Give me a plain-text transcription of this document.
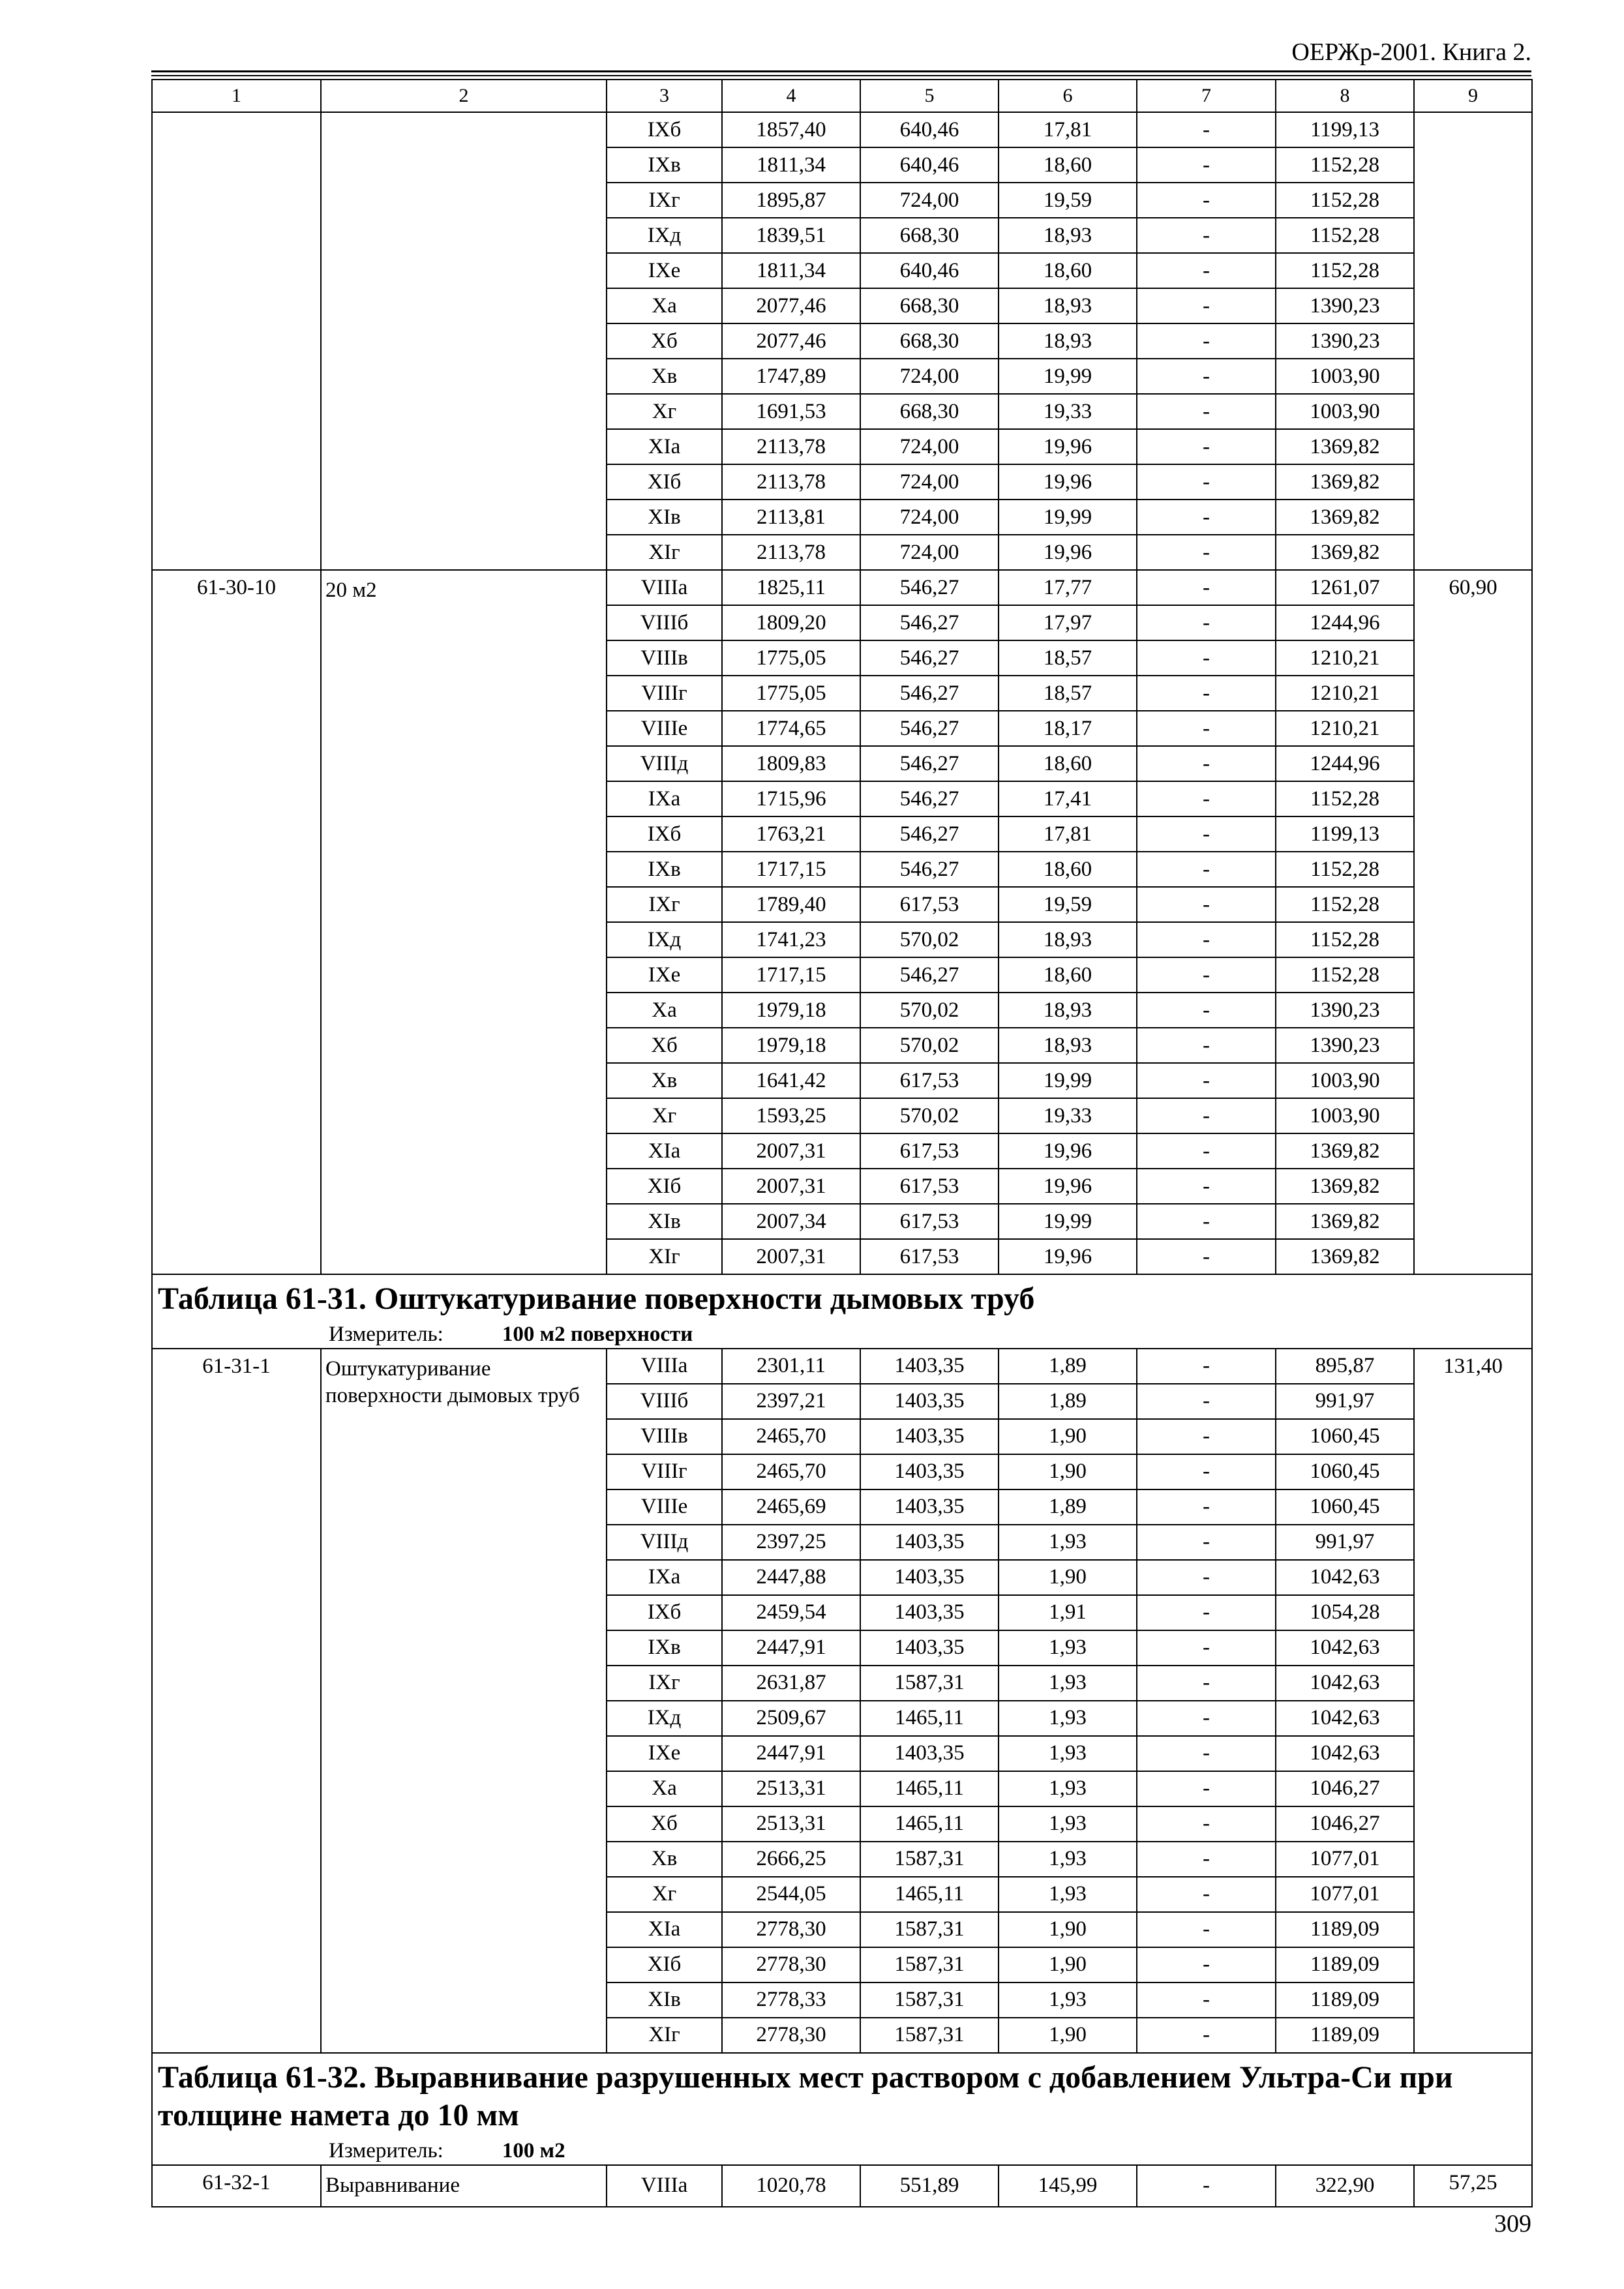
ОЕРЖр-2001. Книга 2.
1	2	3	4	5	6	7	8	9
		IXб	1857,40	640,46	17,81	-	1199,13	
		IXв	1811,34	640,46	18,60	-	1152,28	
		IXг	1895,87	724,00	19,59	-	1152,28	
		IXд	1839,51	668,30	18,93	-	1152,28	
		IXе	1811,34	640,46	18,60	-	1152,28	
		Xа	2077,46	668,30	18,93	-	1390,23	
		Xб	2077,46	668,30	18,93	-	1390,23	
		Xв	1747,89	724,00	19,99	-	1003,90	
		Xг	1691,53	668,30	19,33	-	1003,90	
		XIа	2113,78	724,00	19,96	-	1369,82	
		XIб	2113,78	724,00	19,96	-	1369,82	
		XIв	2113,81	724,00	19,99	-	1369,82	
		XIг	2113,78	724,00	19,96	-	1369,82	
61-30-10	20 м2	VIIIа	1825,11	546,27	17,77	-	1261,07	60,90
		VIIIб	1809,20	546,27	17,97	-	1244,96	
		VIIIв	1775,05	546,27	18,57	-	1210,21	
		VIIIг	1775,05	546,27	18,57	-	1210,21	
		VIIIе	1774,65	546,27	18,17	-	1210,21	
		VIIIд	1809,83	546,27	18,60	-	1244,96	
		IXа	1715,96	546,27	17,41	-	1152,28	
		IXб	1763,21	546,27	17,81	-	1199,13	
		IXв	1717,15	546,27	18,60	-	1152,28	
		IXг	1789,40	617,53	19,59	-	1152,28	
		IXд	1741,23	570,02	18,93	-	1152,28	
		IXе	1717,15	546,27	18,60	-	1152,28	
		Xа	1979,18	570,02	18,93	-	1390,23	
		Xб	1979,18	570,02	18,93	-	1390,23	
		Xв	1641,42	617,53	19,99	-	1003,90	
		Xг	1593,25	570,02	19,33	-	1003,90	
		XIа	2007,31	617,53	19,96	-	1369,82	
		XIб	2007,31	617,53	19,96	-	1369,82	
		XIв	2007,34	617,53	19,99	-	1369,82	
		XIг	2007,31	617,53	19,96	-	1369,82	

Таблица 61-31. Оштукатуривание поверхности дымовых труб
Измеритель: 100 м2 поверхности								

61-31-1	Оштукатуривание поверхности дымовых труб	VIIIа	2301,11	1403,35	1,89	-	895,87	131,40
		VIIIб	2397,21	1403,35	1,89	-	991,97	
		VIIIв	2465,70	1403,35	1,90	-	1060,45	
		VIIIг	2465,70	1403,35	1,90	-	1060,45	
		VIIIе	2465,69	1403,35	1,89	-	1060,45	
		VIIIд	2397,25	1403,35	1,93	-	991,97	
		IXа	2447,88	1403,35	1,90	-	1042,63	
		IXб	2459,54	1403,35	1,91	-	1054,28	
		IXв	2447,91	1403,35	1,93	-	1042,63	
		IXг	2631,87	1587,31	1,93	-	1042,63	
		IXд	2509,67	1465,11	1,93	-	1042,63	
		IXе	2447,91	1403,35	1,93	-	1042,63	
		Xа	2513,31	1465,11	1,93	-	1046,27	
		Xб	2513,31	1465,11	1,93	-	1046,27	
		Xв	2666,25	1587,31	1,93	-	1077,01	
		Xг	2544,05	1465,11	1,93	-	1077,01	
		XIа	2778,30	1587,31	1,90	-	1189,09	
		XIб	2778,30	1587,31	1,90	-	1189,09	
		XIв	2778,33	1587,31	1,93	-	1189,09	
		XIг	2778,30	1587,31	1,90	-	1189,09	

Таблица 61-32. Выравнивание разрушенных мест раствором с добавлением Ультра-Си при толщине намета до 10 мм
Измеритель: 100 м2								

61-32-1	Выравнивание	VIIIа	1020,78	551,89	145,99	-	322,90	57,25
309
